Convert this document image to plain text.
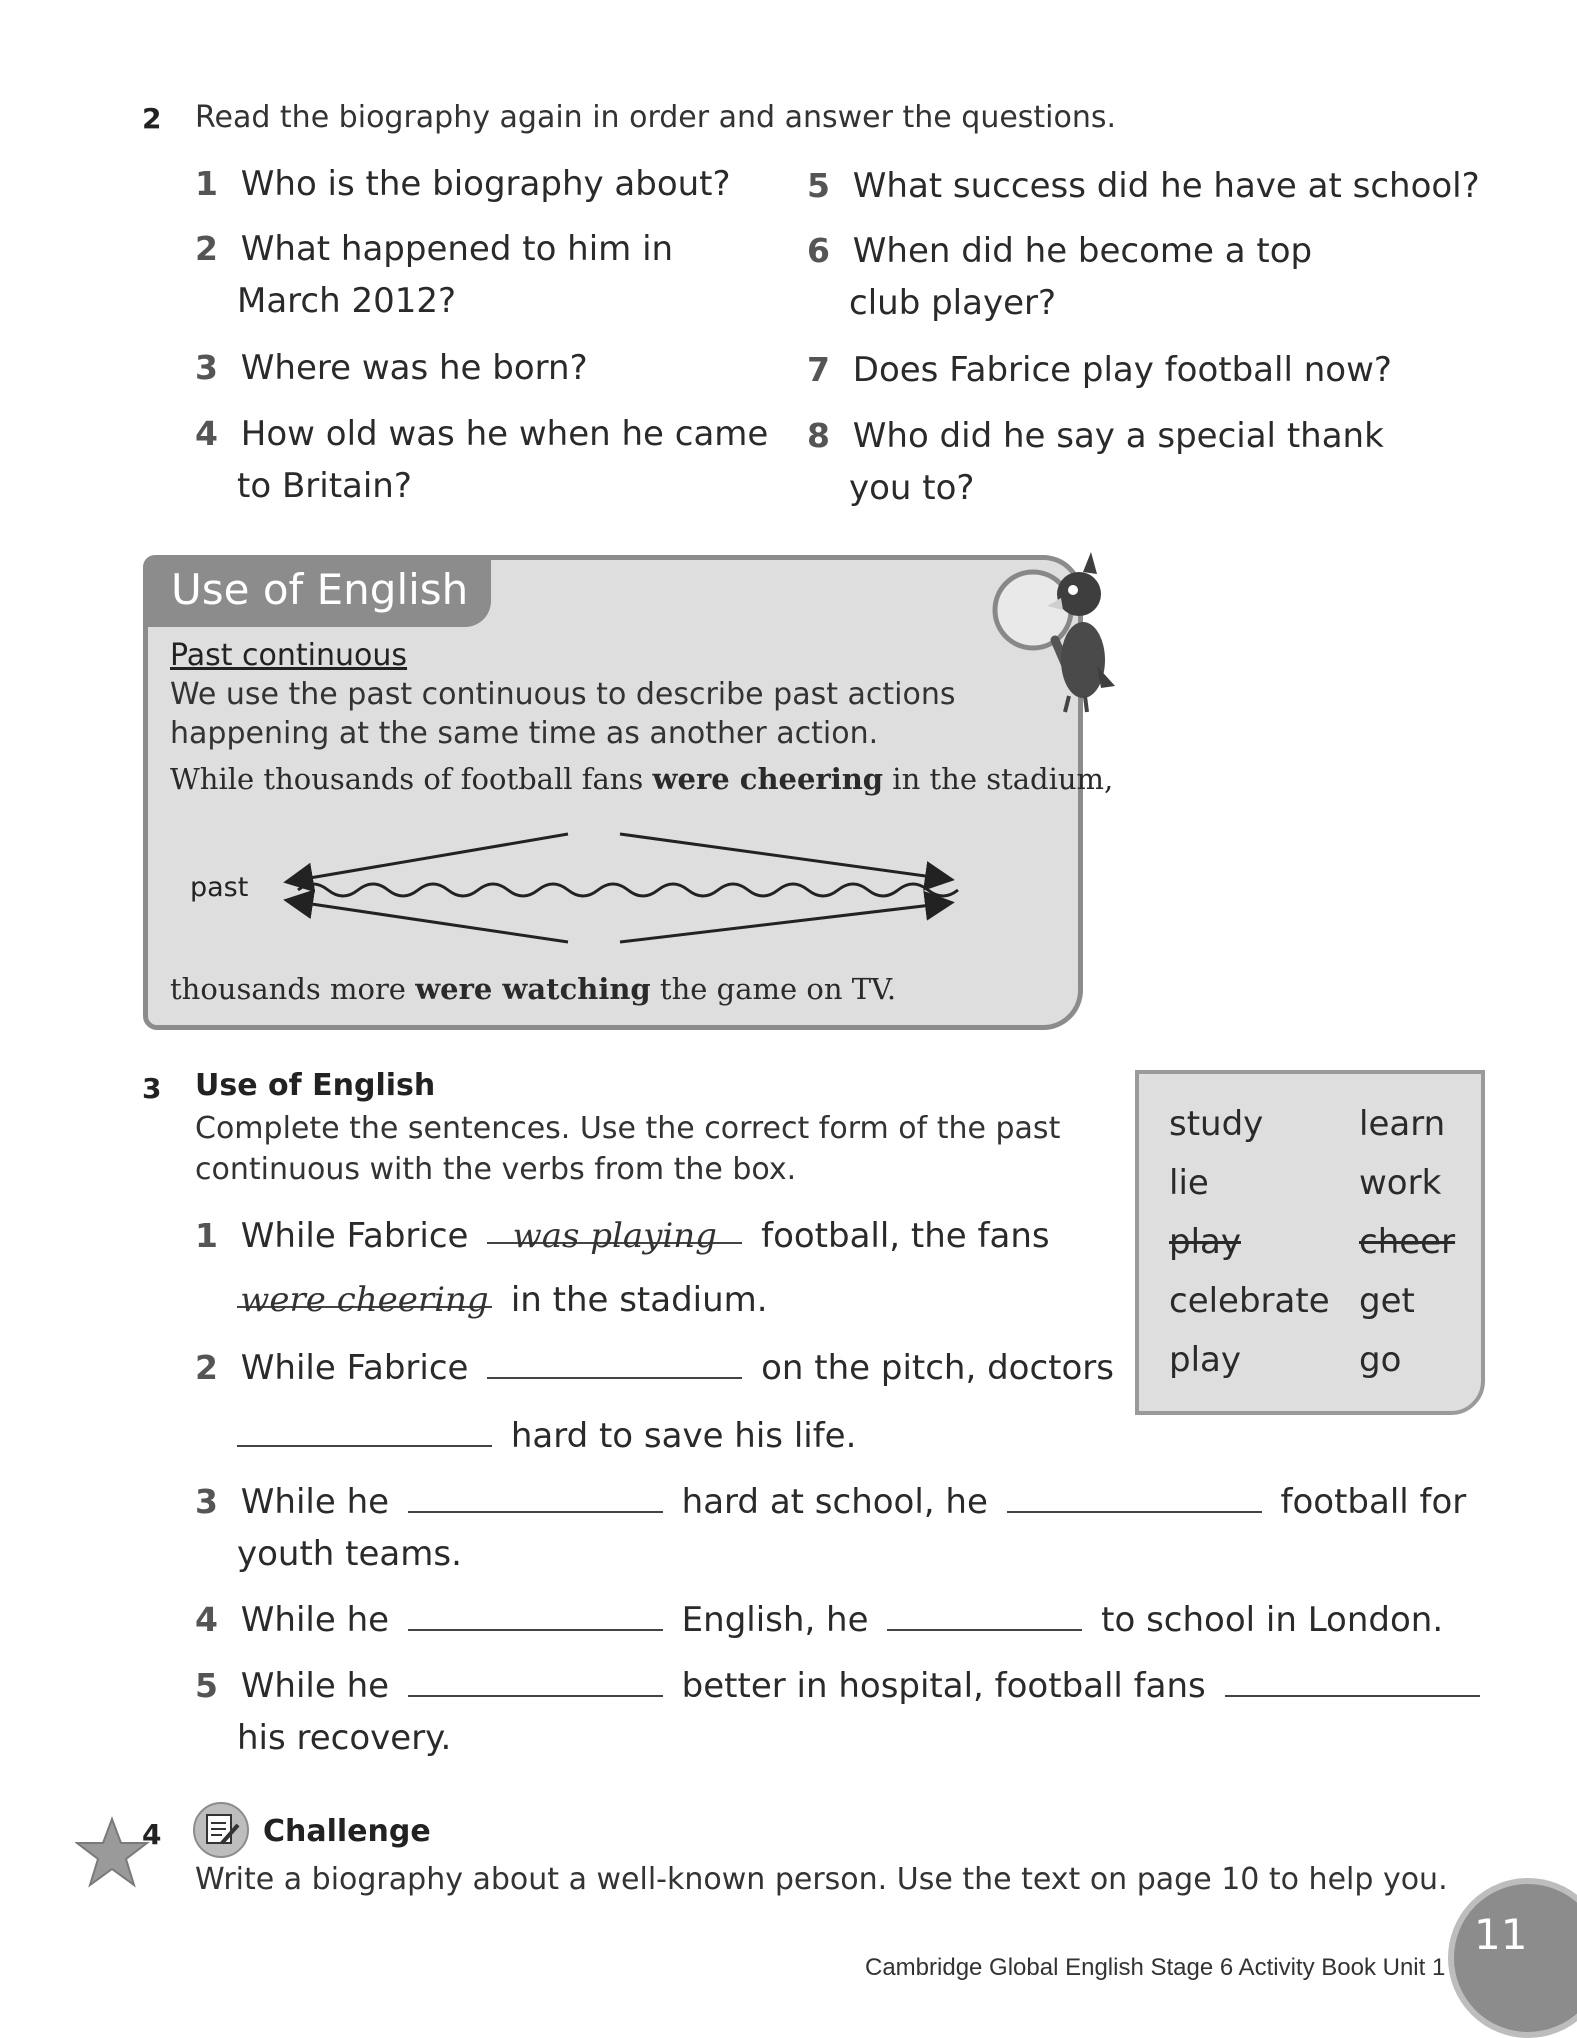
2 Read the biography again in order and answer the questions.
1 Who is the biography about?
2 What happened to him in
March 2012?
3 Where was he born?
4 How old was he when he came
to Britain?
5 What success did he have at school?
6 When did he become a top
club player?
7 Does Fabrice play football now?
8 Who did he say a special thank
you to?
Use of English
Past continuous
We use the past continuous to describe past actions
happening at the same time as another action.
While thousands of football fans were cheering in the stadium,
past
thousands more were watching the game on TV.
3 Use of English
Complete the sentences. Use the correct form of the past
continuous with the verbs from the box.
1 While Fabrice was playing football, the fans
were cheering in the stadium.
2 While Fabrice	on the pitch, doctors
hard to save his life.
3 While he	hard at school, he	football for
youth teams.
4 While he	English, he	to school in London.
5 While he	better in hospital, football fans
his recovery.
study	learn
lie	work
play	cheer
celebrate get
play	go
4	Challenge
Write a biography about a well-known person. Use the text on page 10 to help you.
Cambridge Global English Stage 6 Activity Book Unit 1
11
